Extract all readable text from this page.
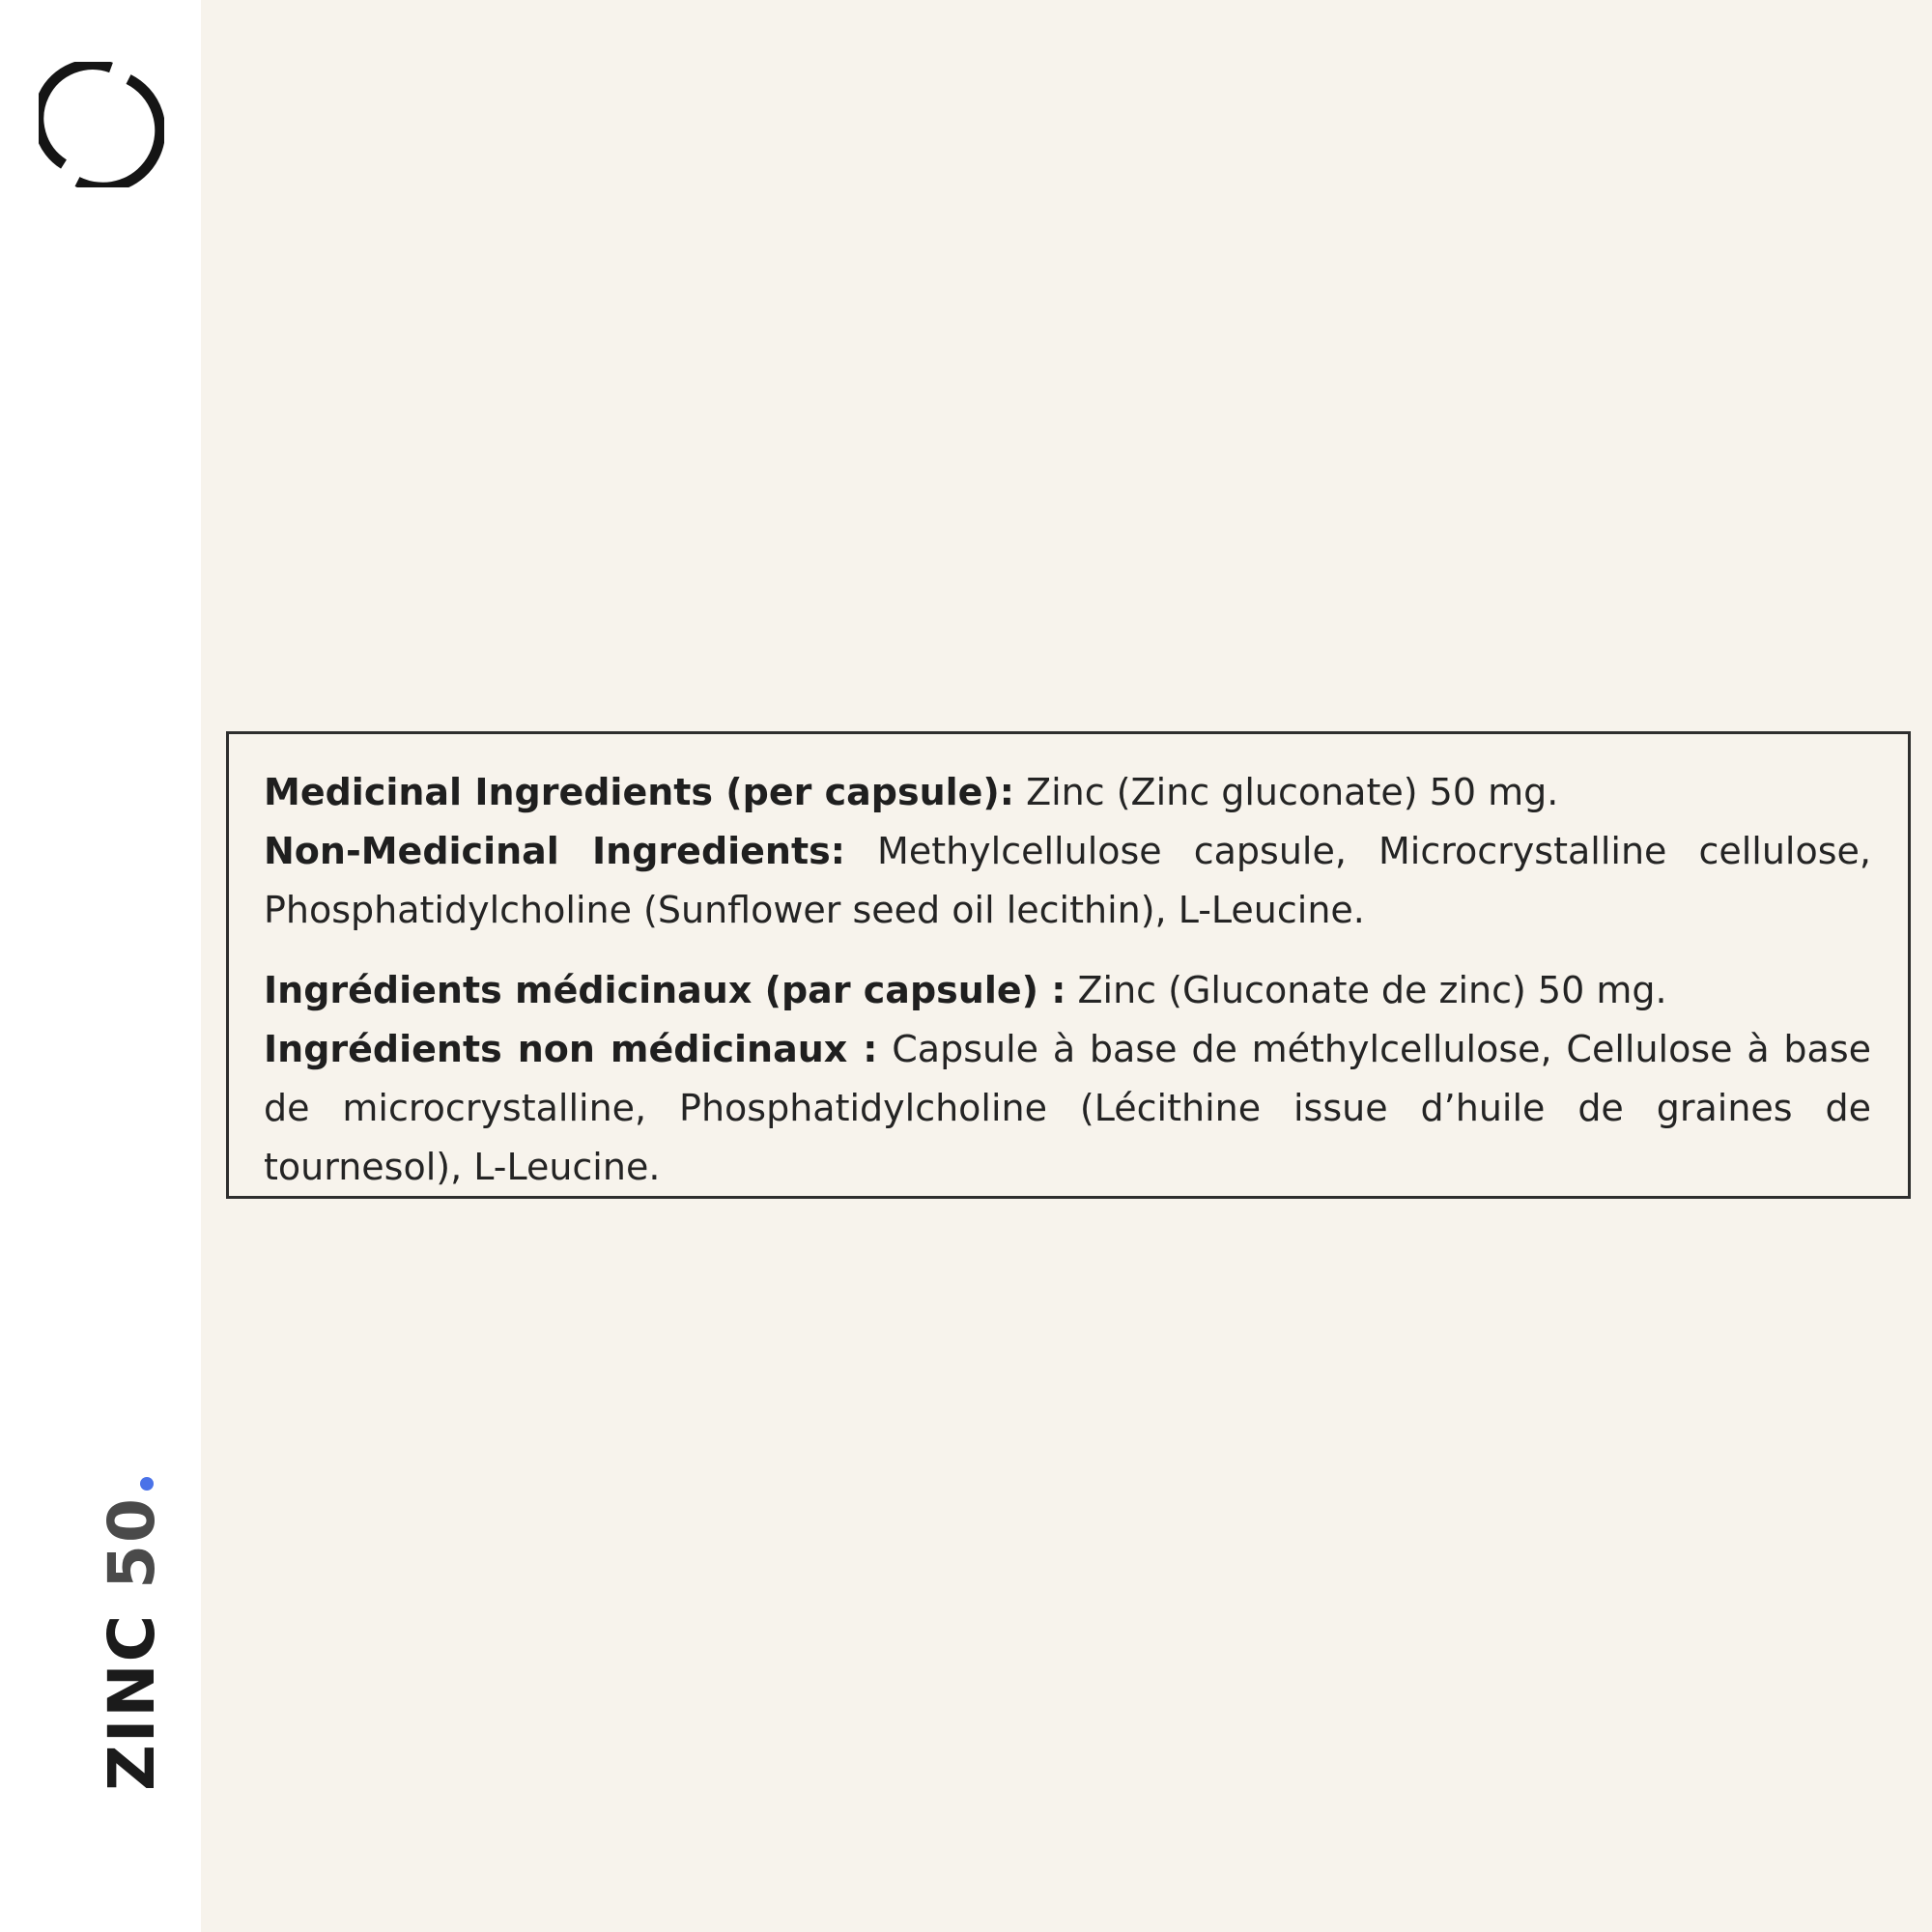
ZINC 50

Medicinal Ingredients (per capsule): Zinc (Zinc gluconate) 50 mg.

Non-Medicinal Ingredients: Methylcellulose capsule, Microcrystalline cellulose, Phosphatidylcholine (Sunflower seed oil lecithin), L-Leucine.

Ingrédients médicinaux (par capsule) : Zinc (Gluconate de zinc) 50 mg.

Ingrédients non médicinaux : Capsule à base de méthylcellulose, Cellulose à base de microcrystalline, Phosphatidylcholine (Lécithine issue d’huile de graines de tournesol), L-Leucine.
